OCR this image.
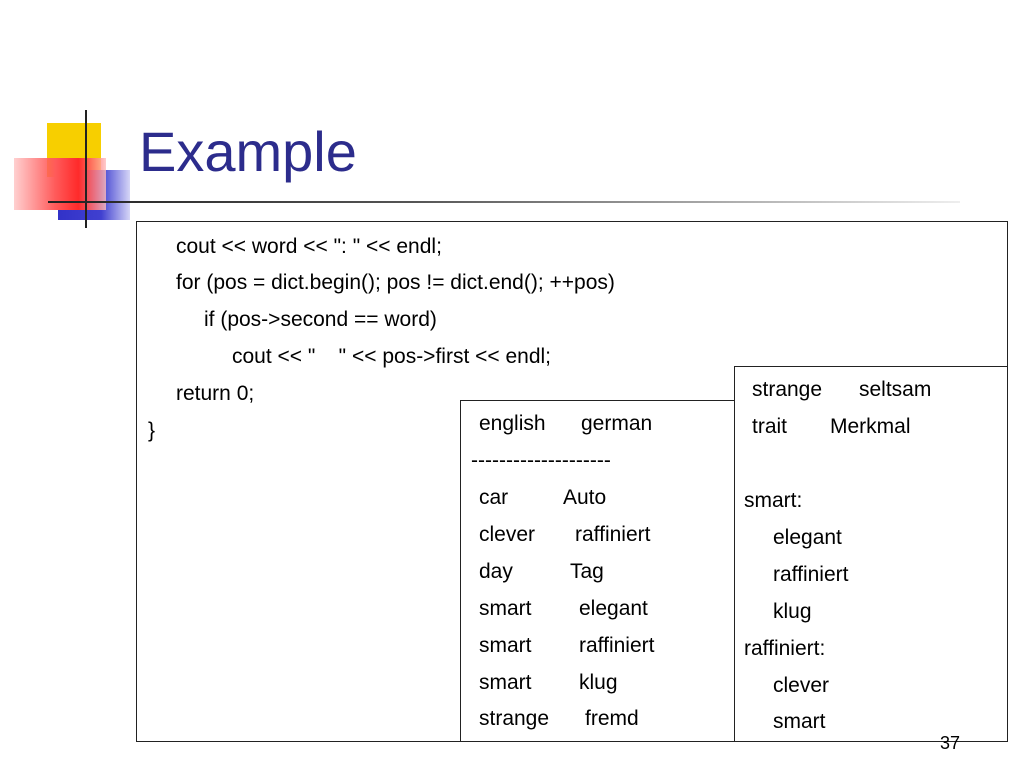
Example
cout << word << ": " << endl;
for (pos = dict.begin(); pos != dict.end(); ++pos)
if (pos->second == word)
cout << "    " << pos->first << endl;
return 0;
}	english german
--------------------
car	Auto
clever raffiniert
day	Tag
smart elegant
smart raffiniert
smart klug
strange fremd
strange seltsam
trait Merkmal
smart:
elegant
raffiniert
klug
raffiniert:
clever
smart
37
